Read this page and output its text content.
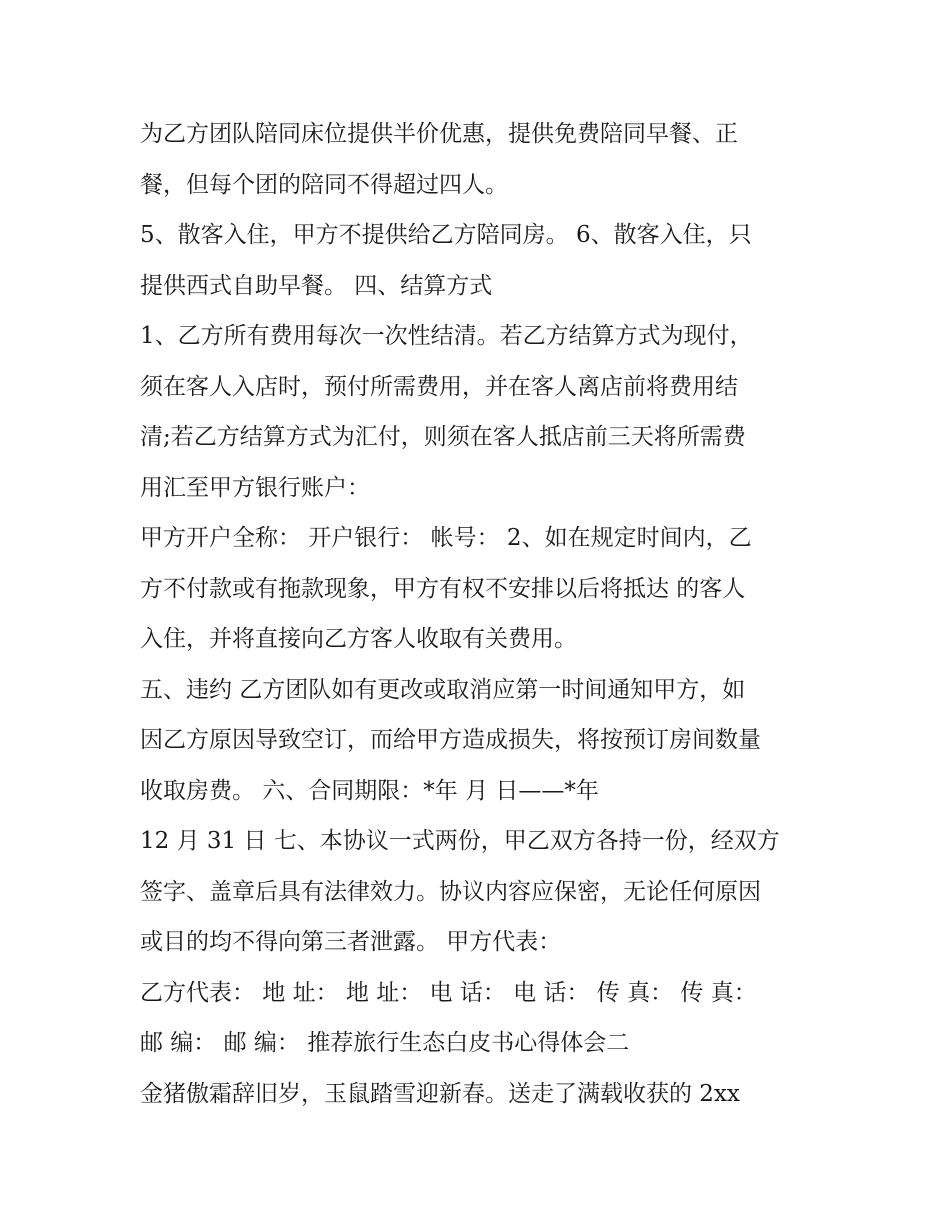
为乙方团队陪同床位提供半价优惠，提供免费陪同早餐、正
餐，但每个团的陪同不得超过四人。
5、散客入住，甲方不提供给乙方陪同房。 6、散客入住，只
提供西式自助早餐。 四、结算方式
1、乙方所有费用每次一次性结清。若乙方结算方式为现付，
须在客人入店时，预付所需费用，并在客人离店前将费用结
清;若乙方结算方式为汇付，则须在客人抵店前三天将所需费
用汇至甲方银行账户：
甲方开户全称： 开户银行： 帐号： 2、如在规定时间内，乙
方不付款或有拖款现象，甲方有权不安排以后将抵达 的客人
入住，并将直接向乙方客人收取有关费用。
五、违约 乙方团队如有更改或取消应第一时间通知甲方，如
因乙方原因导致空订，而给甲方造成损失，将按预订房间数量
收取房费。 六、合同期限：*年 月 日——*年
12 月 31 日 七、本协议一式两份，甲乙双方各持一份，经双方
签字、盖章后具有法律效力。协议内容应保密，无论任何原因
或目的均不得向第三者泄露。 甲方代表：
乙方代表： 地 址： 地 址： 电 话： 电 话： 传 真： 传 真：
邮 编： 邮 编： 推荐旅行生态白皮书心得体会二
金猪傲霜辞旧岁，玉鼠踏雪迎新春。送走了满载收获的 2xx
